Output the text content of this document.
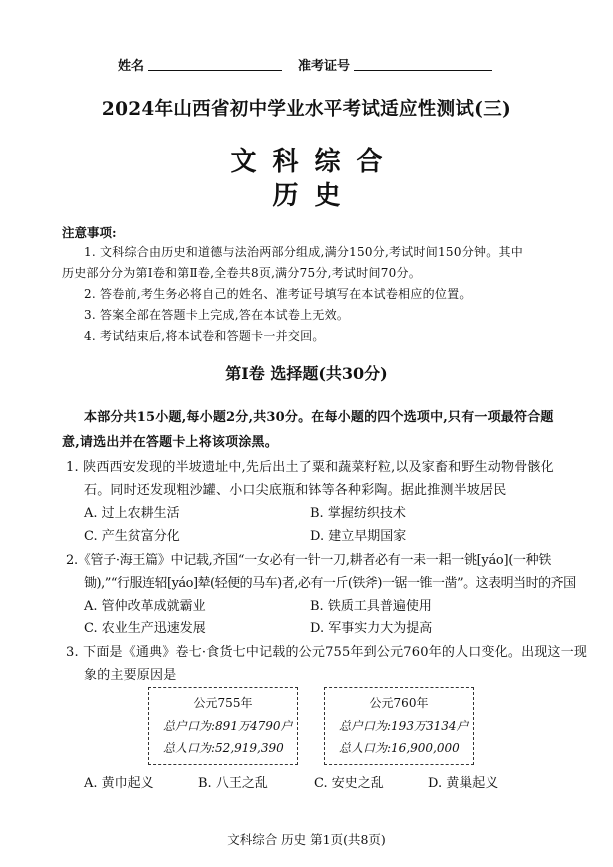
姓名	准考证号
2024年山西省初中学业水平考试适应性测试(三)
文科综合
历史
注意事项:
1. 文科综合由历史和道德与法治两部分组成,满分150分,考试时间150分钟。其中
历史部分分为第Ⅰ卷和第Ⅱ卷,全卷共8页,满分75分,考试时间70分。
2. 答卷前,考生务必将自己的姓名、准考证号填写在本试卷相应的位置。
3. 答案全部在答题卡上完成,答在本试卷上无效。
4. 考试结束后,将本试卷和答题卡一并交回。
第Ⅰ卷 选择题(共30分)
本部分共15小题,每小题2分,共30分。在每小题的四个选项中,只有一项最符合题
意,请选出并在答题卡上将该项涂黑。
1. 陕西西安发现的半坡遗址中,先后出土了粟和蔬菜籽粒,以及家畜和野生动物骨骸化
石。同时还发现粗沙罐、小口尖底瓶和钵等各种彩陶。据此推测半坡居民
A. 过上农耕生活	B. 掌握纺织技术
C. 产生贫富分化	D. 建立早期国家
2.《管子·海王篇》中记载,齐国“一女必有一针一刀,耕者必有一耒一耜一铫[yáo](一种铁
锄),”“行服连轺[yáo]辇(轻便的马车)者,必有一斤(铁斧)一锯一锥一凿”。这表明当时的齐国
A. 管仲改革成就霸业	B. 铁质工具普遍使用
C. 农业生产迅速发展	D. 军事实力大为提高
3. 下面是《通典》卷七·食货七中记载的公元755年到公元760年的人口变化。出现这一现
象的主要原因是
公元755年
总户口为:891万4790户
总人口为:52,919,390
公元760年
总户口为:193万3134户
总人口为:16,900,000
A. 黄巾起义	B. 八王之乱	C. 安史之乱	D. 黄巢起义
文科综合 历史 第1页(共8页)
